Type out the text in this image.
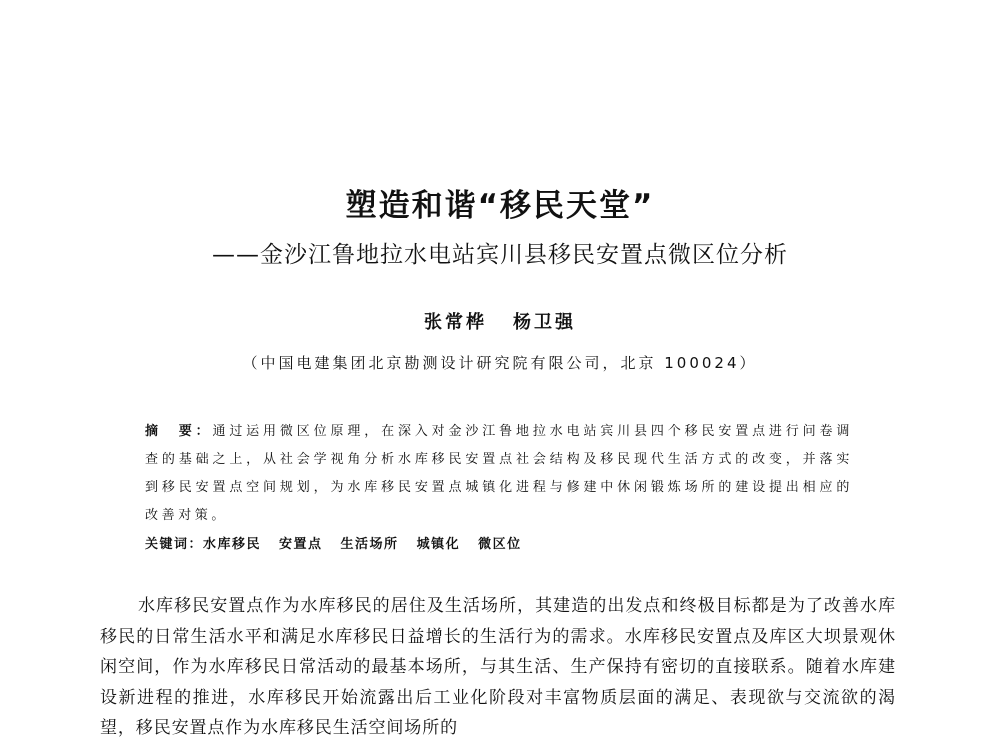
塑造和谐“移民天堂”
——金沙江鲁地拉水电站宾川县移民安置点微区位分析
张常桦 杨卫强
（中国电建集团北京勘测设计研究院有限公司，北京 100024）
摘　要：通过运用微区位原理，在深入对金沙江鲁地拉水电站宾川县四个移民安置点进行问卷调查的基础之上，从社会学视角分析水库移民安置点社会结构及移民现代生活方式的改变，并落实到移民安置点空间规划，为水库移民安置点城镇化进程与修建中休闲锻炼场所的建设提出相应的改善对策。
关键词：水库移民 安置点 生活场所 城镇化 微区位
水库移民安置点作为水库移民的居住及生活场所，其建造的出发点和终极目标都是为了改善水库移民的日常生活水平和满足水库移民日益增长的生活行为的需求。水库移民安置点及库区大坝景观休闲空间，作为水库移民日常活动的最基本场所，与其生活、生产保持有密切的直接联系。随着水库建设新进程的推进，水库移民开始流露出后工业化阶段对丰富物质层面的满足、表现欲与交流欲的渴望，移民安置点作为水库移民生活空间场所的
